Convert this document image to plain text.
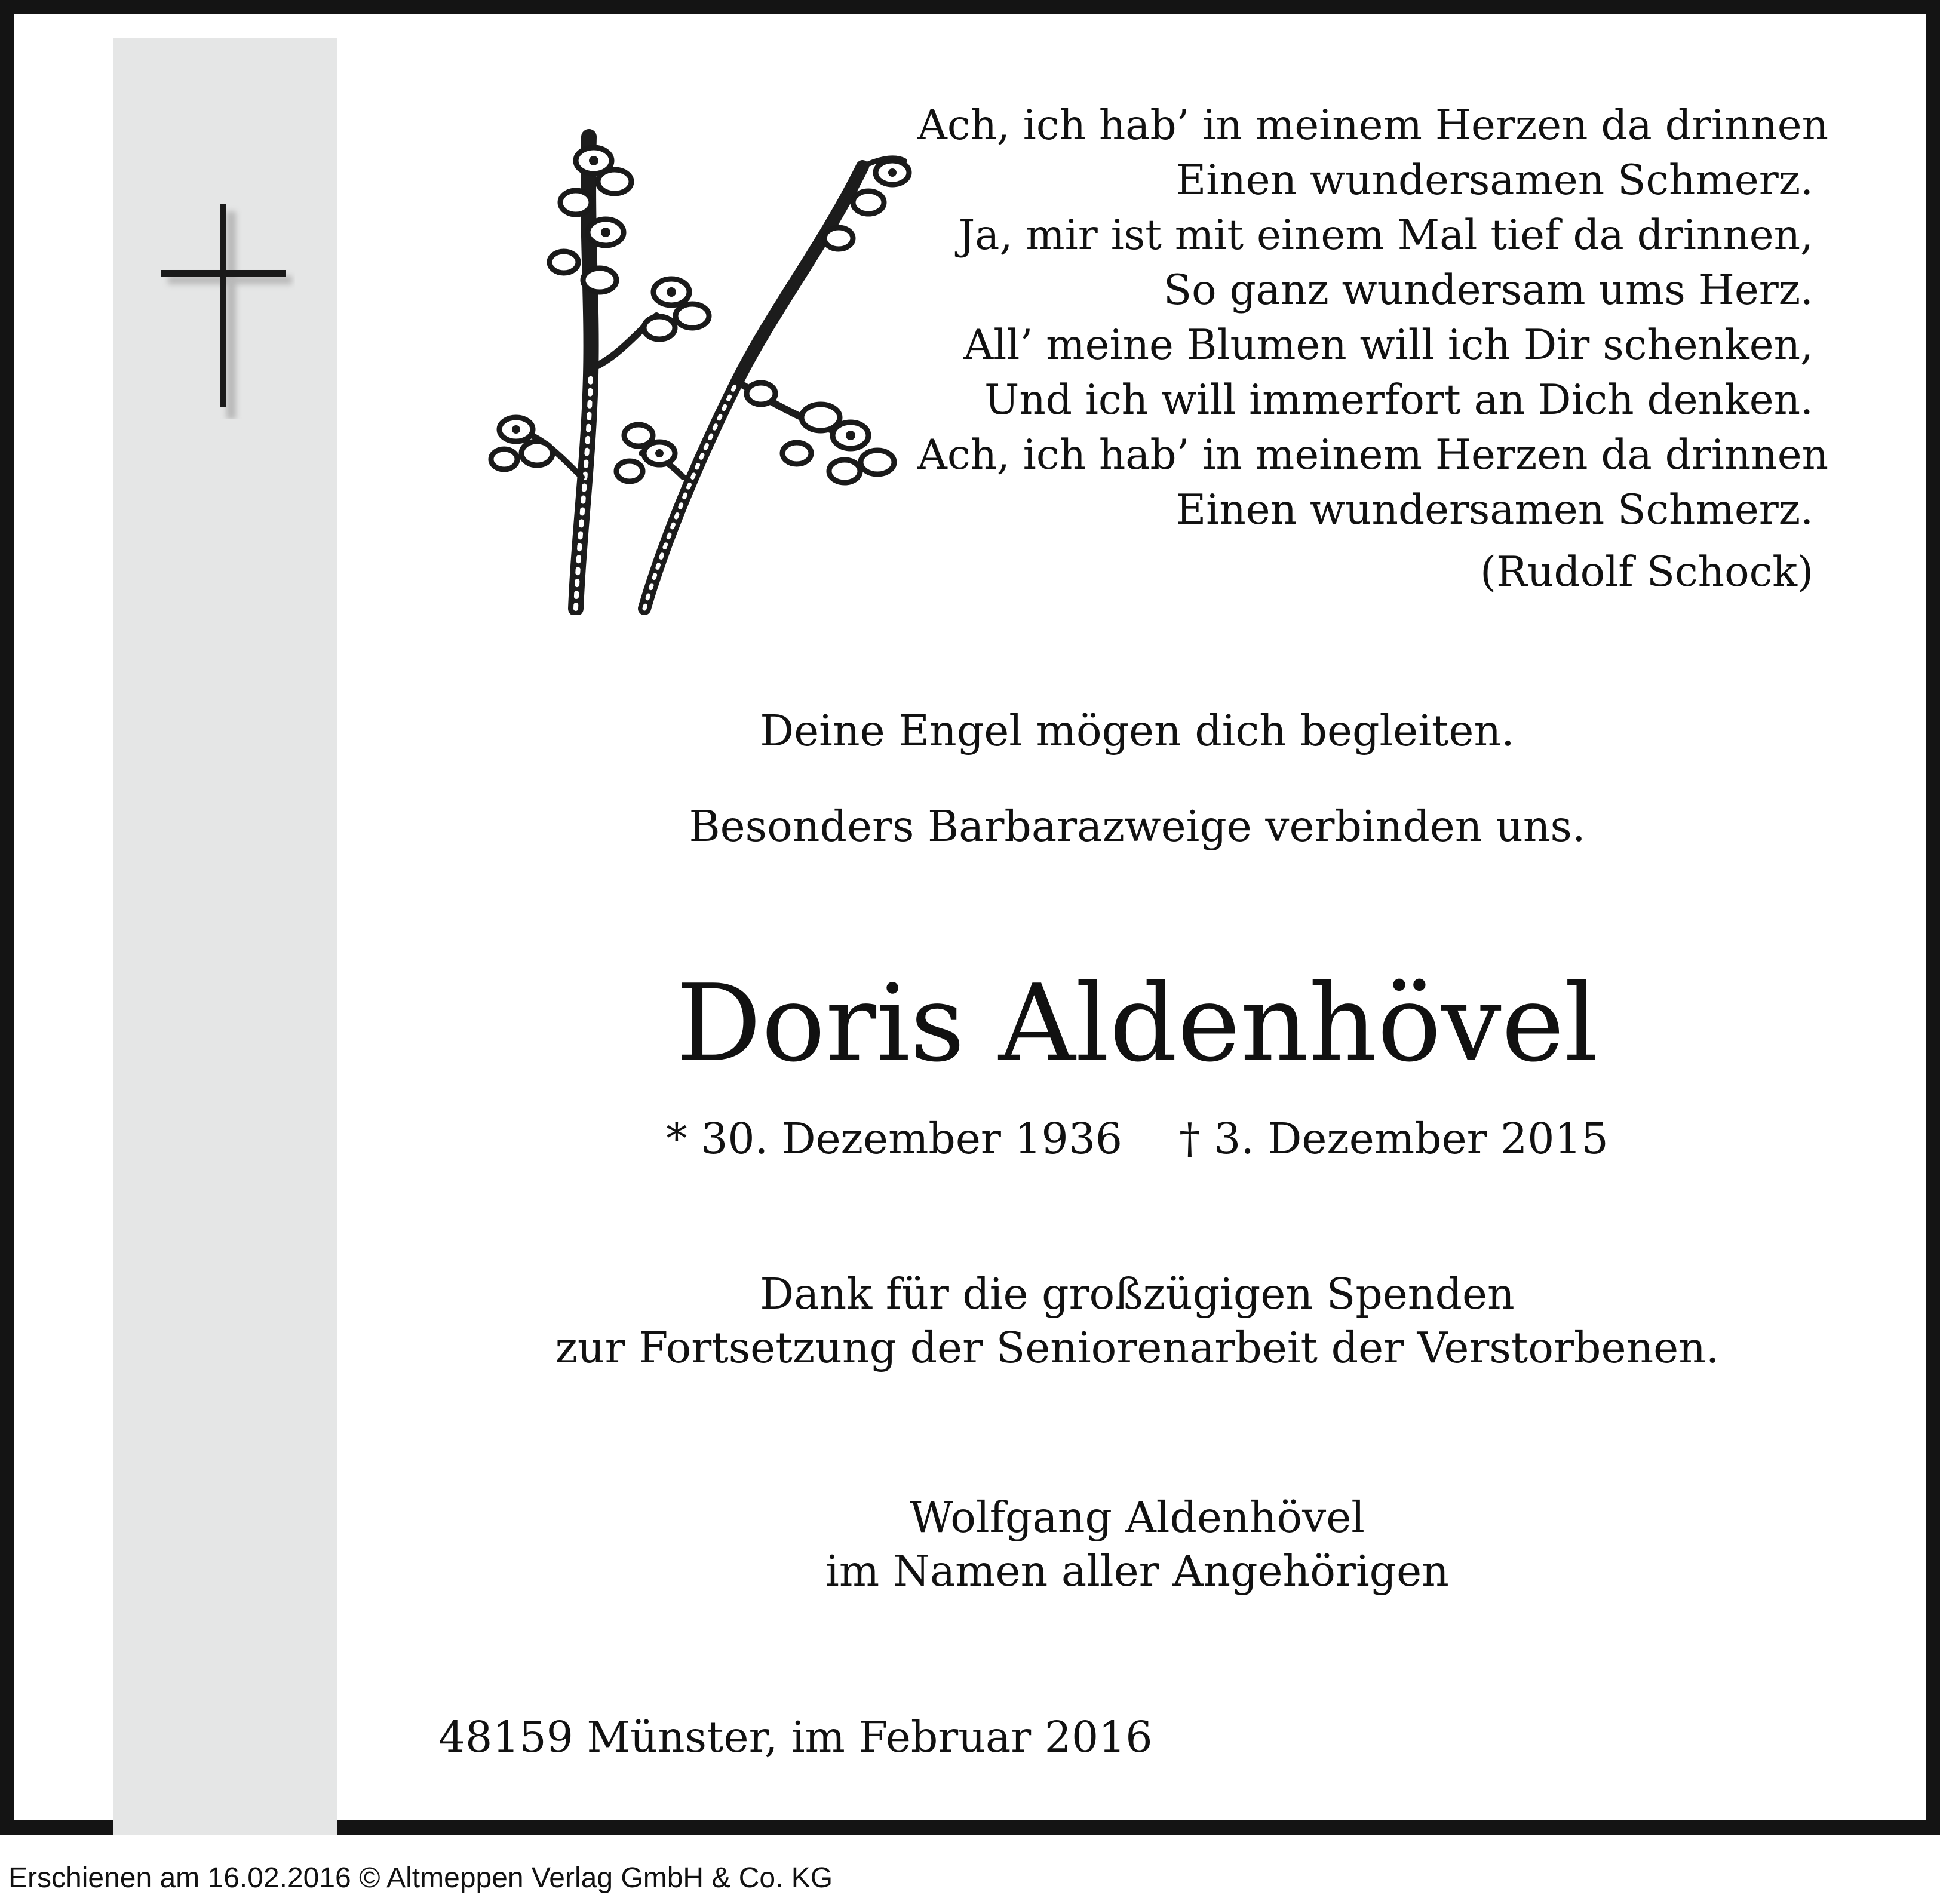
Ach, ich hab’ in meinem Herzen da drinnen
Einen wundersamen Schmerz.
Ja, mir ist mit einem Mal tief da drinnen,
So ganz wundersam ums Herz.
All’ meine Blumen will ich Dir schenken,
Und ich will immerfort an Dich denken.
Ach, ich hab’ in meinem Herzen da drinnen
Einen wundersamen Schmerz.
(Rudolf Schock)
Deine Engel mögen dich begleiten.
Besonders Barbarazweige verbinden uns.
Doris Aldenhövel
* 30. Dezember 1936 † 3. Dezember 2015
Dank für die großzügigen Spenden
zur Fortsetzung der Seniorenarbeit der Verstorbenen.
Wolfgang Aldenhövel
im Namen aller Angehörigen
48159 Münster, im Februar 2016
Erschienen am 16.02.2016 © Altmeppen Verlag GmbH & Co. KG
